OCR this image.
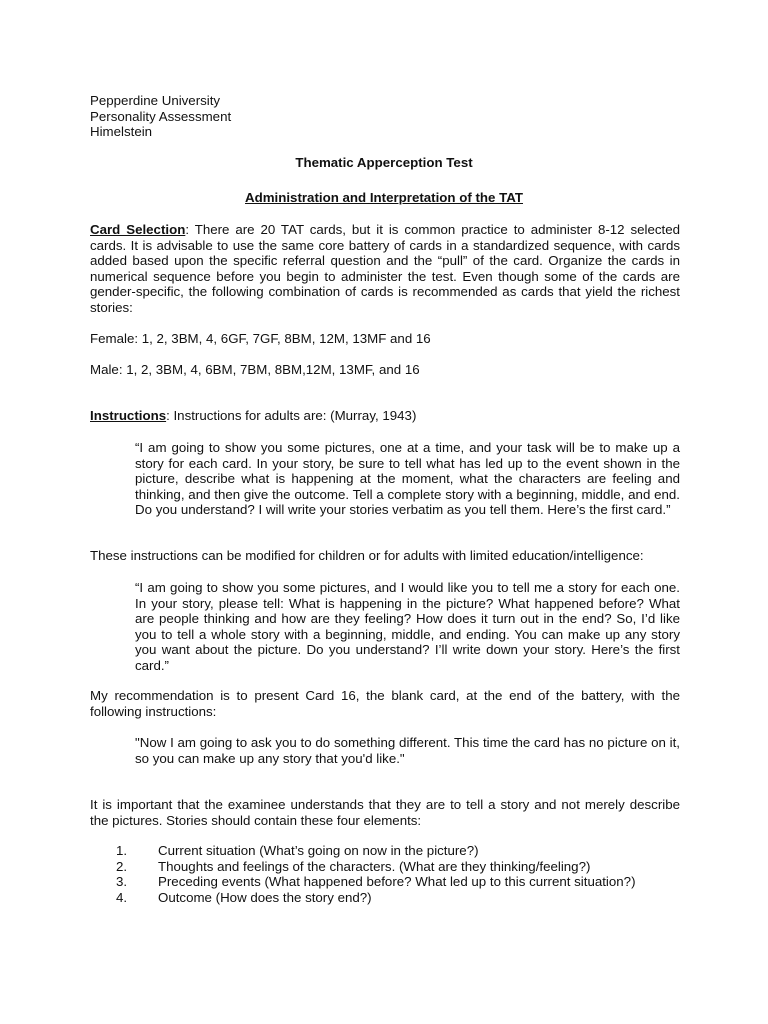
Pepperdine University
Personality Assessment
Himelstein
Thematic Apperception Test
Administration and Interpretation of the TAT
Card Selection: There are 20 TAT cards, but it is common practice to administer 8-12 selected cards. It is advisable to use the same core battery of cards in a standardized sequence, with cards added based upon the specific referral question and the “pull” of the card. Organize the cards in numerical sequence before you begin to administer the test. Even though some of the cards are gender-specific, the following combination of cards is recommended as cards that yield the richest stories:
Female: 1, 2, 3BM, 4, 6GF, 7GF, 8BM, 12M, 13MF and 16
Male: 1, 2, 3BM, 4, 6BM, 7BM, 8BM,12M, 13MF, and 16
Instructions: Instructions for adults are: (Murray, 1943)
“I am going to show you some pictures, one at a time, and your task will be to make up a story for each card. In your story, be sure to tell what has led up to the event shown in the picture, describe what is happening at the moment, what the characters are feeling and thinking, and then give the outcome. Tell a complete story with a beginning, middle, and end. Do you understand? I will write your stories verbatim as you tell them. Here’s the first card.”
These instructions can be modified for children or for adults with limited education/intelligence:
“I am going to show you some pictures, and I would like you to tell me a story for each one. In your story, please tell: What is happening in the picture? What happened before? What are people thinking and how are they feeling? How does it turn out in the end? So, I’d like you to tell a whole story with a beginning, middle, and ending. You can make up any story you want about the picture. Do you understand? I’ll write down your story. Here’s the first card.”
My recommendation is to present Card 16, the blank card, at the end of the battery, with the following instructions:
"Now I am going to ask you to do something different. This time the card has no picture on it, so you can make up any story that you'd like."
It is important that the examinee understands that they are to tell a story and not merely describe the pictures. Stories should contain these four elements:
1. Current situation (What’s going on now in the picture?)
2. Thoughts and feelings of the characters. (What are they thinking/feeling?)
3. Preceding events (What happened before? What led up to this current situation?)
4. Outcome (How does the story end?)
